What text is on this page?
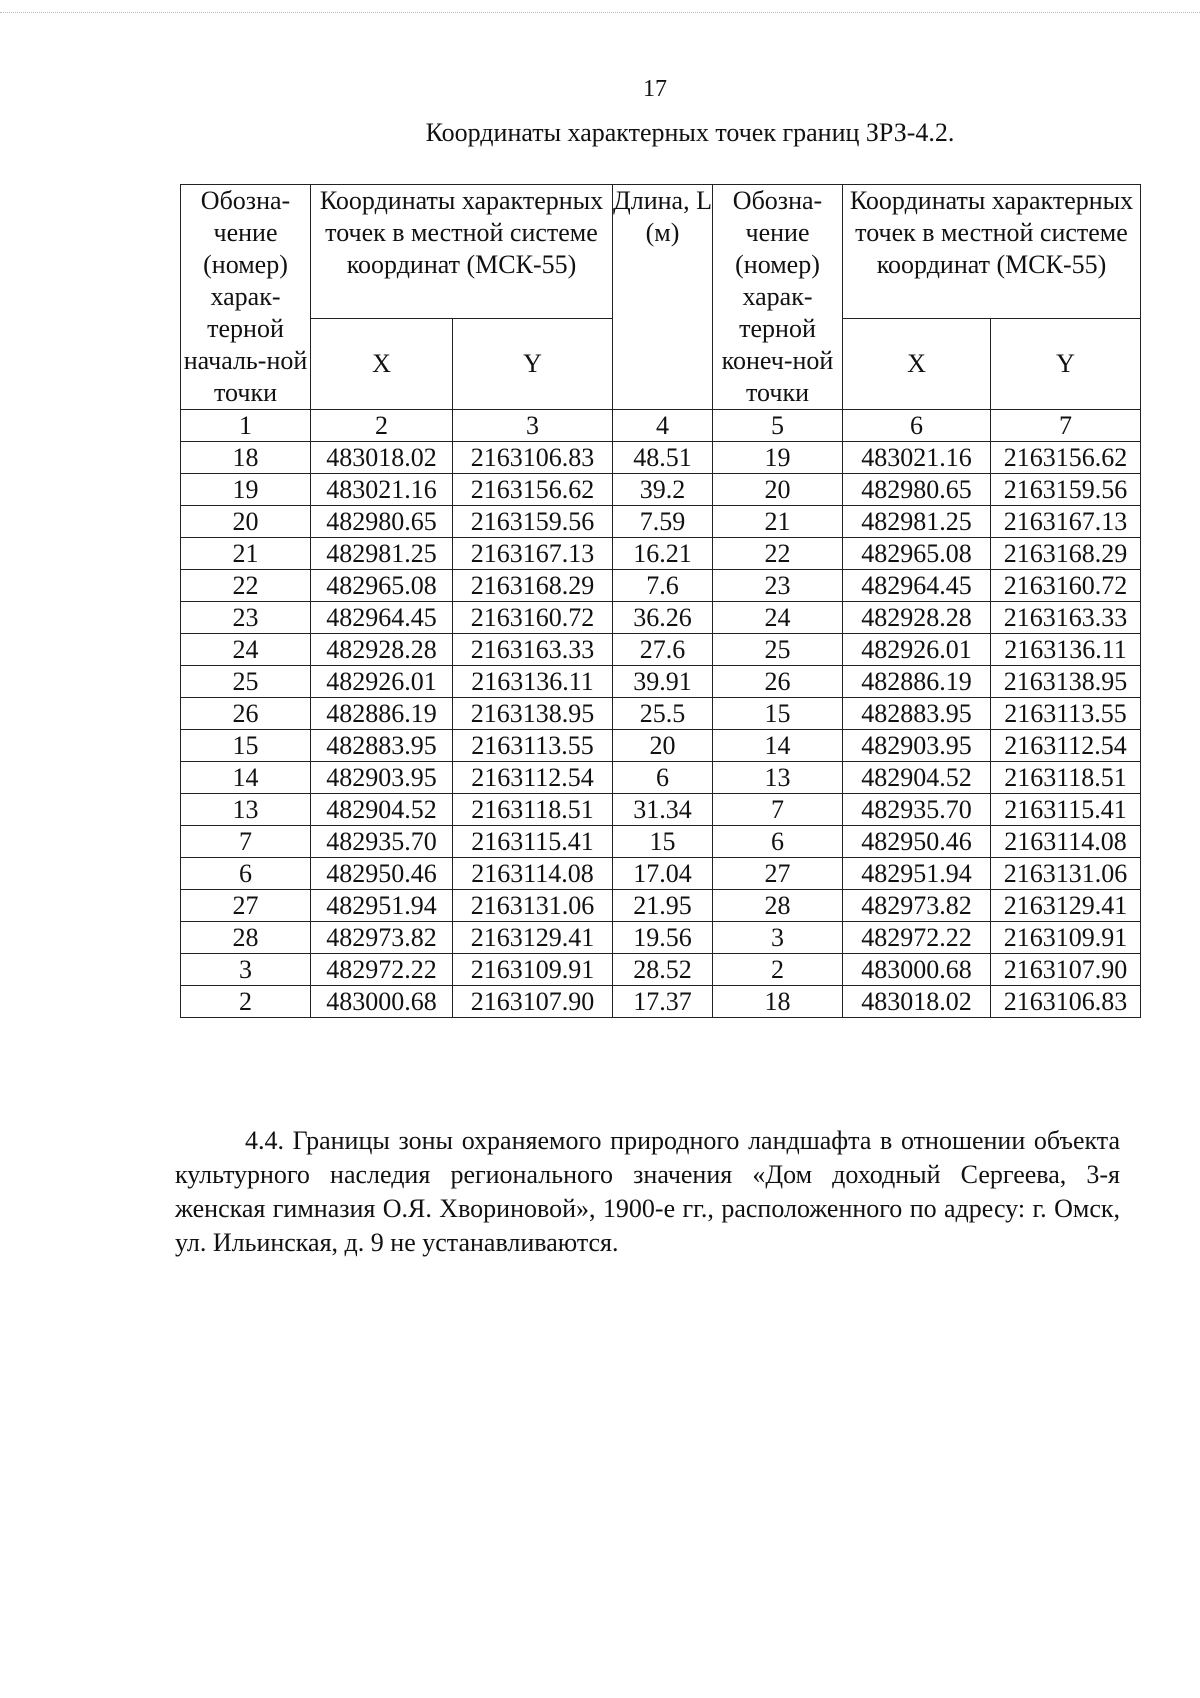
17
Координаты характерных точек границ ЗРЗ-4.2.
Обозна-чение (номер) харак-терной началь-ной точки	Координаты характерных точек в местной системе координат (МСК-55)		Длина, L (м)	Обозна-чение (номер) харак-терной конеч-ной точки	Координаты характерных точек в местной системе координат (МСК-55)	
	X	Y			X	Y
1	2	3	4	5	6	7
18	483018.02	2163106.83	48.51	19	483021.16	2163156.62
19	483021.16	2163156.62	39.2	20	482980.65	2163159.56
20	482980.65	2163159.56	7.59	21	482981.25	2163167.13
21	482981.25	2163167.13	16.21	22	482965.08	2163168.29
22	482965.08	2163168.29	7.6	23	482964.45	2163160.72
23	482964.45	2163160.72	36.26	24	482928.28	2163163.33
24	482928.28	2163163.33	27.6	25	482926.01	2163136.11
25	482926.01	2163136.11	39.91	26	482886.19	2163138.95
26	482886.19	2163138.95	25.5	15	482883.95	2163113.55
15	482883.95	2163113.55	20	14	482903.95	2163112.54
14	482903.95	2163112.54	6	13	482904.52	2163118.51
13	482904.52	2163118.51	31.34	7	482935.70	2163115.41
7	482935.70	2163115.41	15	6	482950.46	2163114.08
6	482950.46	2163114.08	17.04	27	482951.94	2163131.06
27	482951.94	2163131.06	21.95	28	482973.82	2163129.41
28	482973.82	2163129.41	19.56	3	482972.22	2163109.91
3	482972.22	2163109.91	28.52	2	483000.68	2163107.90
2	483000.68	2163107.90	17.37	18	483018.02	2163106.83
4.4. Границы зоны охраняемого природного ландшафта в отношении объекта культурного наследия регионального значения «Дом доходный Сергеева, 3-я женская гимназия О.Я. Хвориновой», 1900-е гг., расположенного по адресу: г. Омск, ул. Ильинская, д. 9 не устанавливаются.
